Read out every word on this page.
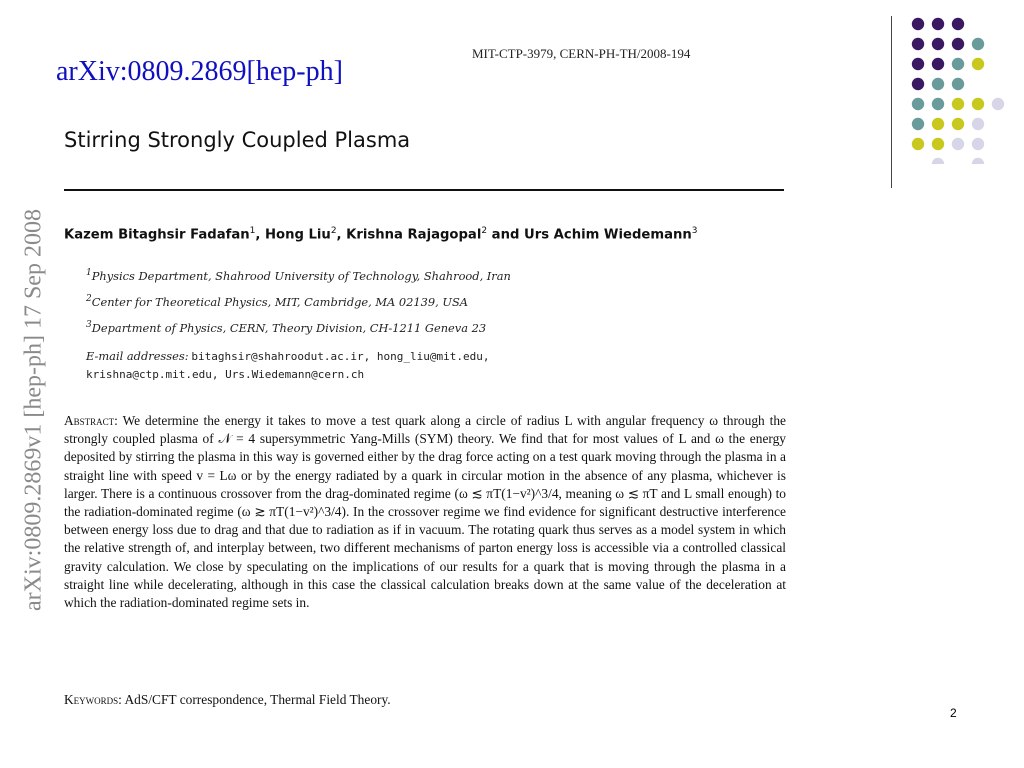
arXiv:0809.2869[hep-ph]
MIT-CTP-3979, CERN-PH-TH/2008-194
arXiv:0809.2869v1 [hep-ph] 17 Sep 2008
Stirring Strongly Coupled Plasma
Kazem Bitaghsir Fadafan$^1$, Hong Liu$^2$, Krishna Rajagopal$^2$ and Urs Achim Wiedemann$^3$
$^1$Physics Department, Shahrood University of Technology, Shahrood, Iran
$^2$Center for Theoretical Physics, MIT, Cambridge, MA 02139, USA
$^3$Department of Physics, CERN, Theory Division, CH-1211 Geneva 23
E-mail addresses: bitaghsir@shahroodut.ac.ir, hong_liu@mit.edu,
krishna@ctp.mit.edu, Urs.Wiedemann@cern.ch

Abstract: We determine the energy it takes to move a test quark along a circle of radius L with angular frequency ω through the strongly coupled plasma of 𝒩 = 4 supersymmetric Yang-Mills (SYM) theory. We find that for most values of L and ω the energy deposited by stirring the plasma in this way is governed either by the drag force acting on a test quark moving through the plasma in a straight line with speed v = Lω or by the energy radiated by a quark in circular motion in the absence of any plasma, whichever is larger. There is a continuous crossover from the drag-dominated regime (ω ≲ πT(1−v²)^3/4, meaning ω ≲ πT and L small enough) to the radiation-dominated regime (ω ≳ πT(1−v²)^3/4). In the crossover regime we find evidence for significant destructive interference between energy loss due to drag and that due to radiation as if in vacuum. The rotating quark thus serves as a model system in which the relative strength of, and interplay between, two different mechanisms of parton energy loss is accessible via a controlled classical gravity calculation. We close by speculating on the implications of our results for a quark that is moving through the plasma in a straight line while decelerating, although in this case the classical calculation breaks down at the same value of the deceleration at which the radiation-dominated regime sets in.

Keywords: AdS/CFT correspondence, Thermal Field Theory.
2
